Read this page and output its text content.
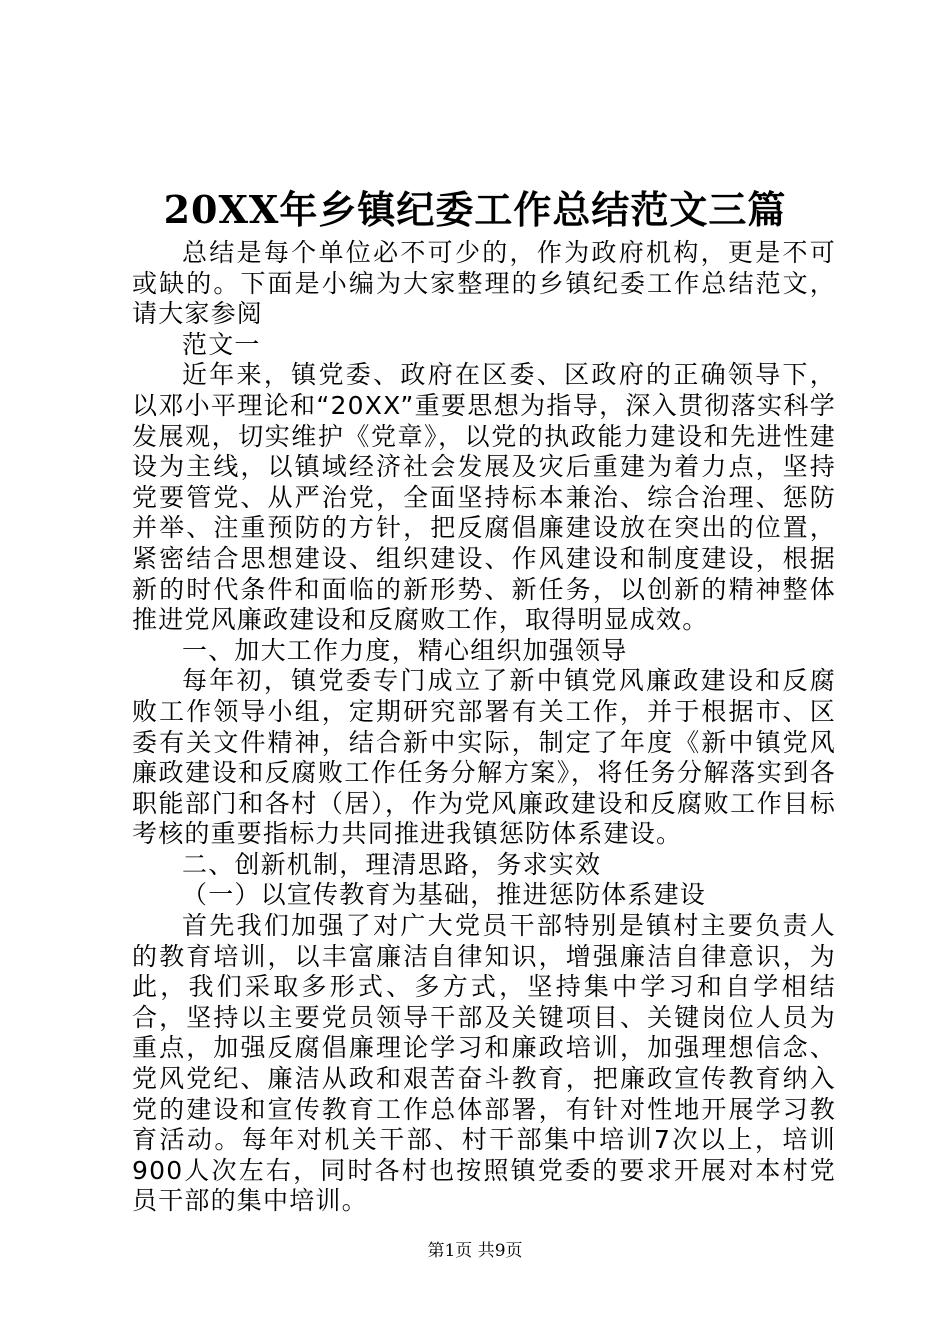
20XX年乡镇纪委工作总结范文三篇

总结是每个单位必不可少的，作为政府机构，更是不可或缺的。下面是小编为大家整理的乡镇纪委工作总结范文，请大家参阅

范文一

近年来，镇党委、政府在区委、区政府的正确领导下，以邓小平理论和“20XX”重要思想为指导，深入贯彻落实科学发展观，切实维护《党章》，以党的执政能力建设和先进性建设为主线，以镇域经济社会发展及灾后重建为着力点，坚持党要管党、从严治党，全面坚持标本兼治、综合治理、惩防并举、注重预防的方针，把反腐倡廉建设放在突出的位置，紧密结合思想建设、组织建设、作风建设和制度建设，根据新的时代条件和面临的新形势、新任务，以创新的精神整体推进党风廉政建设和反腐败工作，取得明显成效。

一、加大工作力度，精心组织加强领导

每年初，镇党委专门成立了新中镇党风廉政建设和反腐败工作领导小组，定期研究部署有关工作，并于根据市、区委有关文件精神，结合新中实际，制定了年度《新中镇党风廉政建设和反腐败工作任务分解方案》，将任务分解落实到各职能部门和各村（居），作为党风廉政建设和反腐败工作目标考核的重要指标力共同推进我镇惩防体系建设。

二、创新机制，理清思路，务求实效

（一）以宣传教育为基础，推进惩防体系建设

首先我们加强了对广大党员干部特别是镇村主要负责人的教育培训，以丰富廉洁自律知识，增强廉洁自律意识，为此，我们采取多形式、多方式，坚持集中学习和自学相结合，坚持以主要党员领导干部及关键项目、关键岗位人员为重点，加强反腐倡廉理论学习和廉政培训，加强理想信念、党风党纪、廉洁从政和艰苦奋斗教育，把廉政宣传教育纳入党的建设和宣传教育工作总体部署，有针对性地开展学习教育活动。每年对机关干部、村干部集中培训7次以上，培训900人次左右，同时各村也按照镇党委的要求开展对本村党员干部的集中培训。

第1页 共9页
